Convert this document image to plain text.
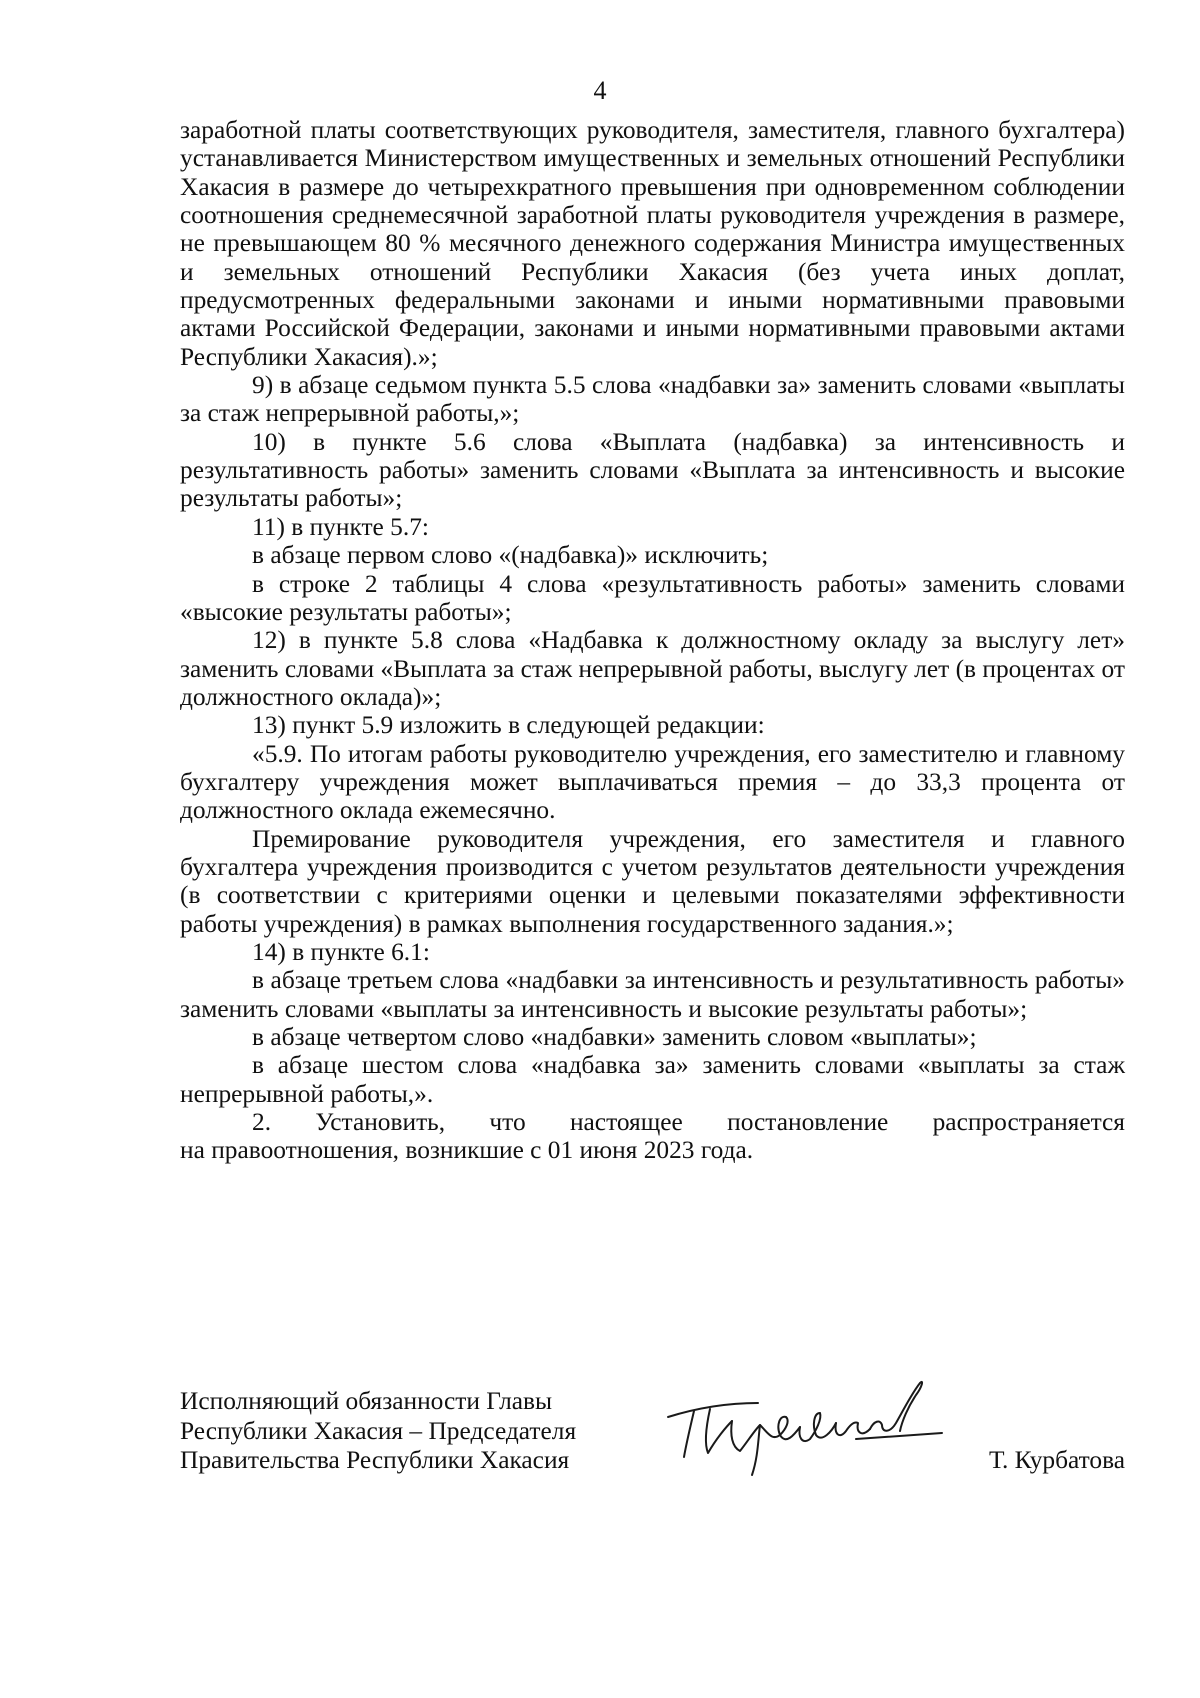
4

заработной платы соответствующих руководителя, заместителя, главного бухгалтера) устанавливается Министерством имущественных и земельных отношений Республики Хакасия в размере до четырехкратного превышения при одновременном соблюдении соотношения среднемесячной заработной платы руководителя учреждения в размере, не превышающем 80 % месячного денежного содержания Министра имущественных и земельных отношений Республики Хакасия (без учета иных доплат, предусмотренных федеральными законами и иными нормативными правовыми актами Российской Федерации, законами и иными нормативными правовыми актами Республики Хакасия).»;

9) в абзаце седьмом пункта 5.5 слова «надбавки за» заменить словами «выплаты за стаж непрерывной работы,»;

10) в пункте 5.6 слова «Выплата (надбавка) за интенсивность и результативность работы» заменить словами «Выплата за интенсивность и высокие результаты работы»;

11) в пункте 5.7:

в абзаце первом слово «(надбавка)» исключить;

в строке 2 таблицы 4 слова «результативность работы» заменить словами «высокие результаты работы»;

12) в пункте 5.8 слова «Надбавка к должностному окладу за выслугу лет» заменить словами «Выплата за стаж непрерывной работы, выслугу лет (в процентах от должностного оклада)»;

13) пункт 5.9 изложить в следующей редакции:

«5.9. По итогам работы руководителю учреждения, его заместителю и главному бухгалтеру учреждения может выплачиваться премия – до 33,3 процента от должностного оклада ежемесячно.

Премирование руководителя учреждения, его заместителя и главного бухгалтера учреждения производится с учетом результатов деятельности учреждения (в соответствии с критериями оценки и целевыми показателями эффективности работы учреждения) в рамках выполнения государственного задания.»;

14) в пункте 6.1:

в абзаце третьем слова «надбавки за интенсивность и результативность работы» заменить словами «выплаты за интенсивность и высокие результаты работы»;

в абзаце четвертом слово «надбавки» заменить словом «выплаты»;

в абзаце шестом слова «надбавка за» заменить словами «выплаты за стаж непрерывной работы,».

2. Установить, что настоящее постановление распространяется

на правоотношения, возникшие с 01 июня 2023 года.

Исполняющий обязанности Главы
Республики Хакасия – Председателя
Правительства Республики Хакасия	Т. Курбатова
